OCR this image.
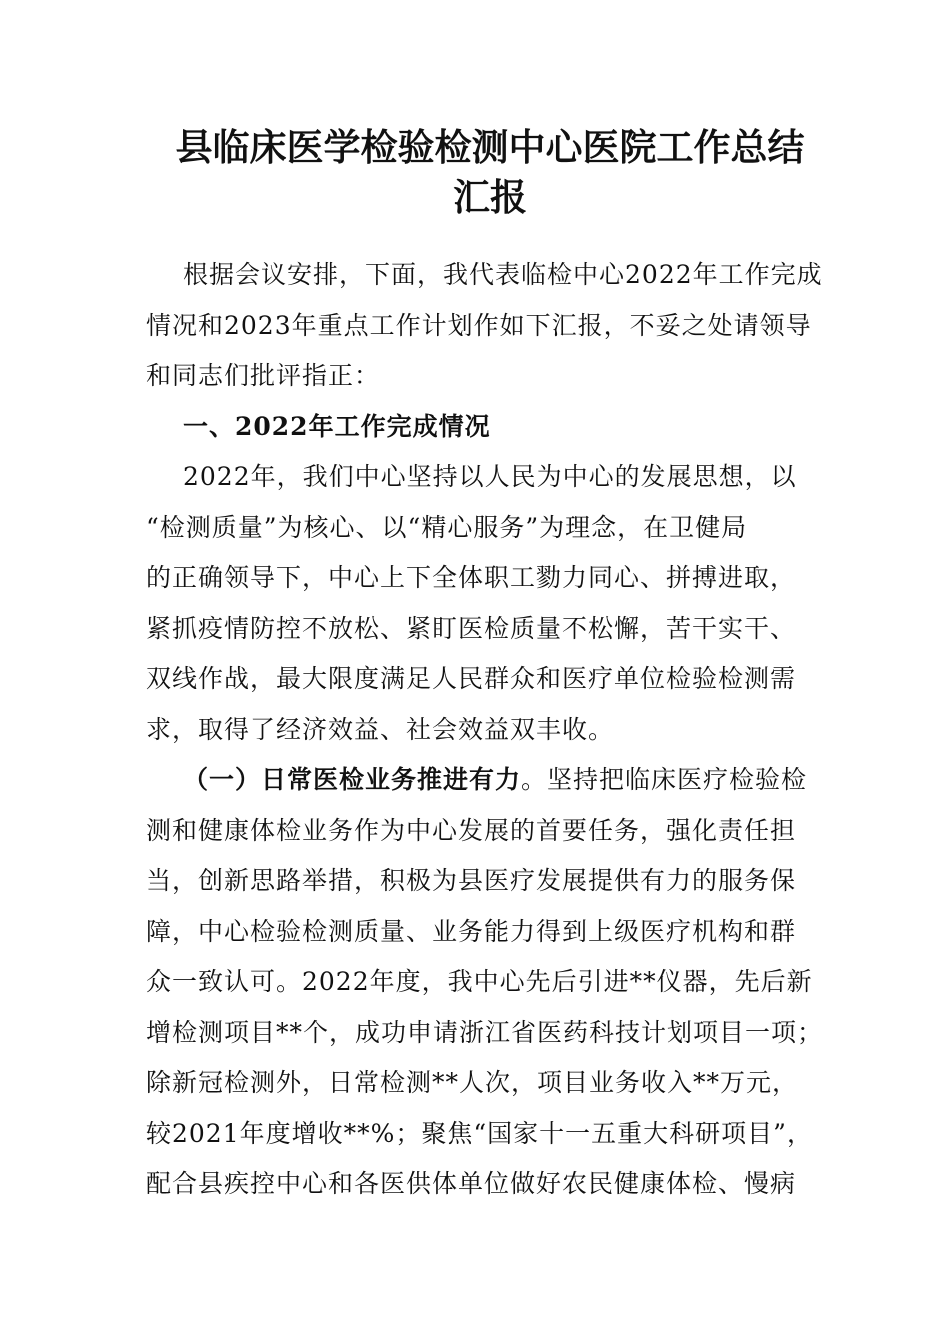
县临床医学检验检测中心医院工作总结
汇报
根据会议安排，下面，我代表临检中心2022年工作完成
情况和2023年重点工作计划作如下汇报，不妥之处请领导
和同志们批评指正：
一、2022年工作完成情况
2022年，我们中心坚持以人民为中心的发展思想，以
“检测质量”为核心、以“精心服务”为理念，在卫健局
的正确领导下，中心上下全体职工勠力同心、拼搏进取，
紧抓疫情防控不放松、紧盯医检质量不松懈，苦干实干、
双线作战，最大限度满足人民群众和医疗单位检验检测需
求，取得了经济效益、社会效益双丰收。
（一）日常医检业务推进有力。坚持把临床医疗检验检
测和健康体检业务作为中心发展的首要任务，强化责任担
当，创新思路举措，积极为县医疗发展提供有力的服务保
障，中心检验检测质量、业务能力得到上级医疗机构和群
众一致认可。2022年度，我中心先后引进**仪器，先后新
增检测项目**个，成功申请浙江省医药科技计划项目一项；
除新冠检测外，日常检测**人次，项目业务收入**万元，
较2021年度增收**%；聚焦“国家十一五重大科研项目”，
配合县疾控中心和各医供体单位做好农民健康体检、慢病
